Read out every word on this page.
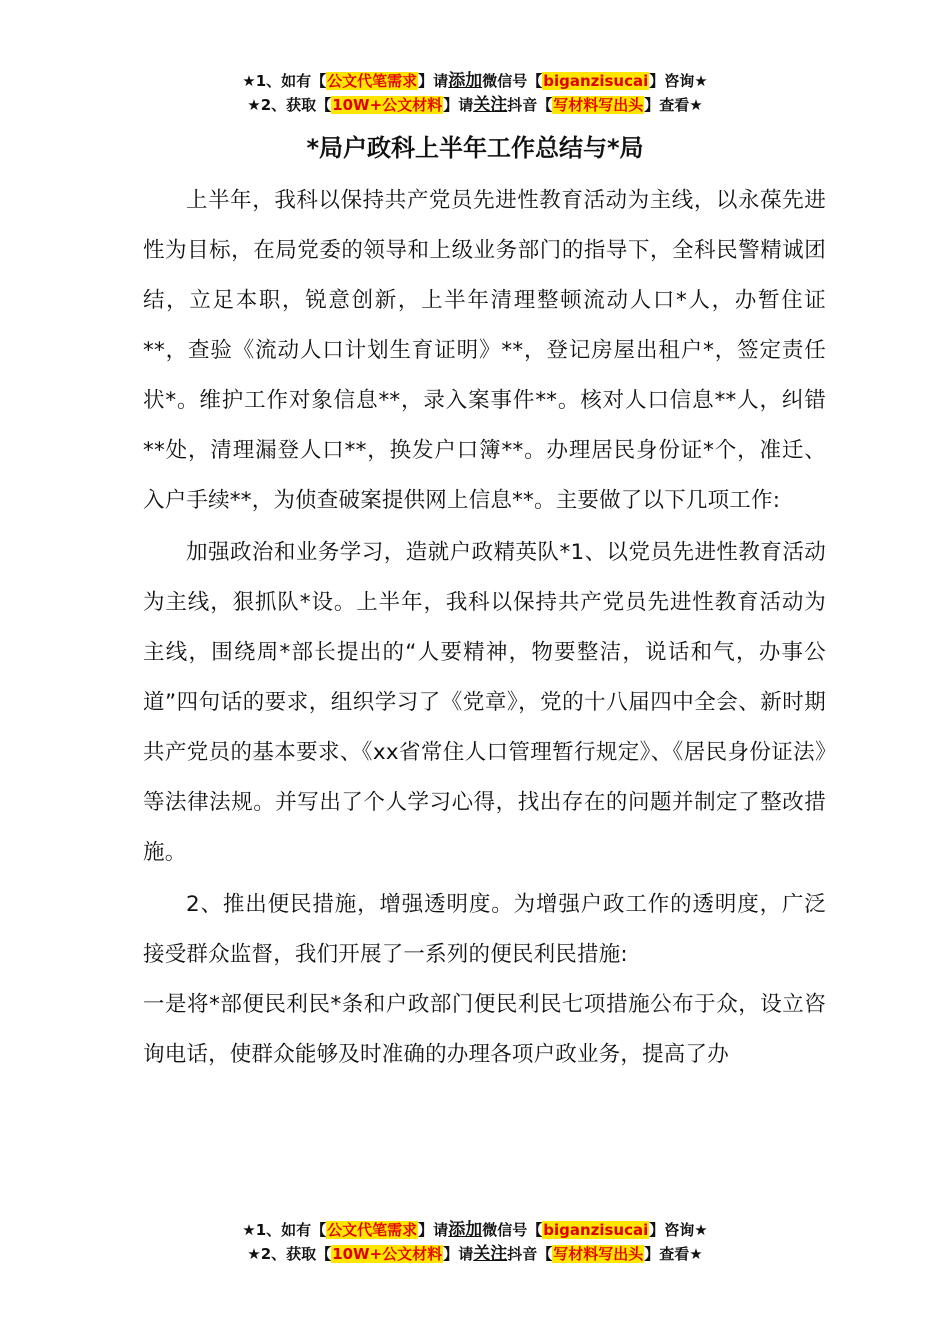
★1、如有【公文代笔需求】请添加微信号【biganzisucai】咨询★
★2、获取【10W+公文材料】请关注抖音【写材料写出头】查看★
*局户政科上半年工作总结与*局

上半年，我科以保持共产党员先进性教育活动为主线，以永葆先进性为目标，在局党委的领导和上级业务部门的指导下，全科民警精诚团结，立足本职，锐意创新，上半年清理整顿流动人口*人，办暂住证**，查验《流动人口计划生育证明》**，登记房屋出租户*，签定责任状*。维护工作对象信息**，录入案事件**。核对人口信息**人，纠错**处，清理漏登人口**，换发户口簿**。办理居民身份证*个，准迁、入户手续**，为侦查破案提供网上信息**。主要做了以下几项工作:

加强政治和业务学习，造就户政精英队*1、以党员先进性教育活动为主线，狠抓队*设。上半年，我科以保持共产党员先进性教育活动为主线，围绕周*部长提出的“人要精神，物要整洁，说话和气，办事公道”四句话的要求，组织学习了《党章》，党的十八届四中全会、新时期共产党员的基本要求、《xx省常住人口管理暂行规定》、《居民身份证法》等法律法规。并写出了个人学习心得，找出存在的问题并制定了整改措施。

2、推出便民措施，增强透明度。为增强户政工作的透明度，广泛接受群众监督，我们开展了一系列的便民利民措施:

一是将*部便民利民*条和户政部门便民利民七项措施公布于众，设立咨询电话，使群众能够及时准确的办理各项户政业务，提高了办

★1、如有【公文代笔需求】请添加微信号【biganzisucai】咨询★
★2、获取【10W+公文材料】请关注抖音【写材料写出头】查看★
